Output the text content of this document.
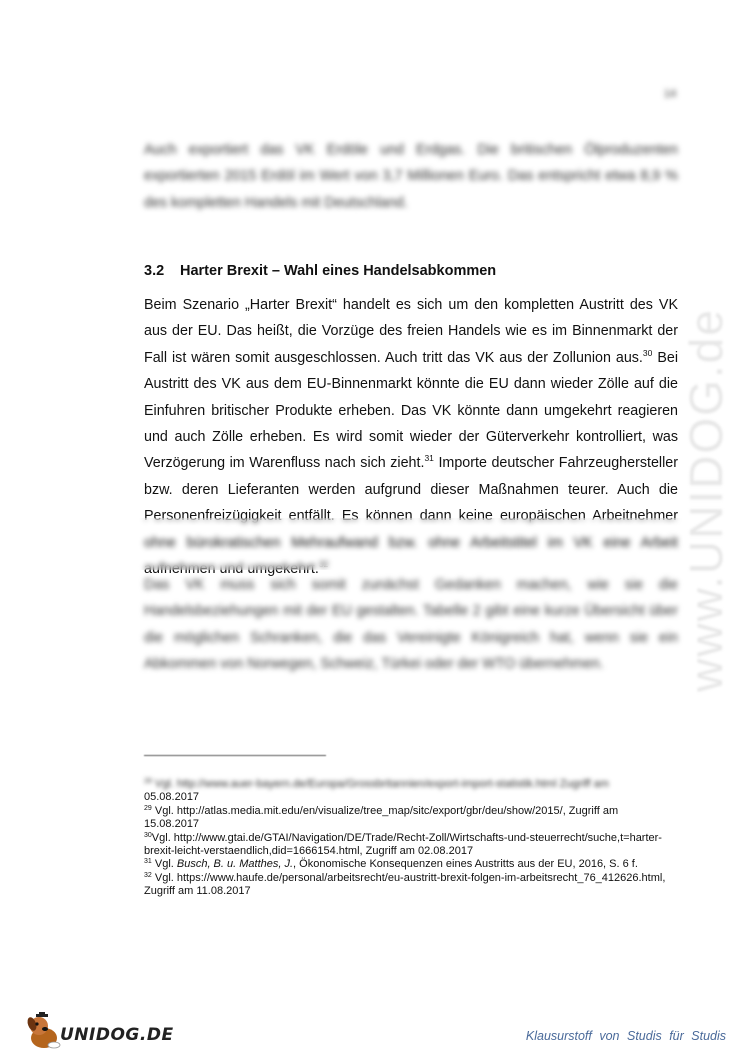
14

Auch exportiert das VK Erdöle und Erdgas. Die britischen Ölproduzenten exportierten 2015 Erdöl im Wert von 3,7 Millionen Euro. Das entspricht etwa 8,9 % des kompletten Handels mit Deutschland.

3.2 Harter Brexit – Wahl eines Handelsabkommen

Beim Szenario „Harter Brexit“ handelt es sich um den kompletten Austritt des VK aus der EU. Das heißt, die Vorzüge des freien Handels wie es im Binnenmarkt der Fall ist wären somit ausgeschlossen. Auch tritt das VK aus der Zollunion aus.$^{30}$ Bei Austritt des VK aus dem EU-Binnenmarkt könnte die EU dann wieder Zölle auf die Einfuhren britischer Produkte erheben. Das VK könnte dann umgekehrt reagieren und auch Zölle erheben. Es wird somit wieder der Güterverkehr kontrolliert, was Verzögerung im Warenfluss nach sich zieht.$^{31}$ Importe deutscher Fahrzeughersteller bzw. deren Lieferanten werden aufgrund dieser Maßnahmen teurer. Auch die Personenfreizügigkeit entfällt. Es können dann keine europäischen Arbeitnehmer ohne bürokratischen Mehraufwand bzw. ohne Arbeitstitel im VK eine Arbeit aufnehmen und umgekehrt.$^{32}$

Das VK muss sich somit zunächst Gedanken machen, wie sie die Handelsbeziehungen mit der EU gestalten. Tabelle 2 gibt eine kurze Übersicht über die möglichen Schranken, die das Vereinigte Königreich hat, wenn sie ein Abkommen von Norwegen, Schweiz, Türkei oder der WTO übernehmen.

$^{28}$ Vgl. http://www.auer-bayern.de/Europa/Grossbritannien/export-import-statistik.html Zugriff am

05.08.2017

$^{29}$ Vgl. http://atlas.media.mit.edu/en/visualize/tree_map/sitc/export/gbr/deu/show/2015/, Zugriff am 15.08.2017

$^{30}$Vgl. http://www.gtai.de/GTAI/Navigation/DE/Trade/Recht-Zoll/Wirtschafts-und-steuerrecht/suche,t=harter-brexit-leicht-verstaendlich,did=1666154.html, Zugriff am 02.08.2017

$^{31}$ Vgl. Busch, B. u. Matthes, J., Ökonomische Konsequenzen eines Austritts aus der EU, 2016, S. 6 f.

$^{32}$ Vgl. https://www.haufe.de/personal/arbeitsrecht/eu-austritt-brexit-folgen-im-arbeitsrecht_76_412626.html, Zugriff am 11.08.2017

www.UNIDOG.de
UNIDOG.DE	Klausurstoff von Studis für Studis
